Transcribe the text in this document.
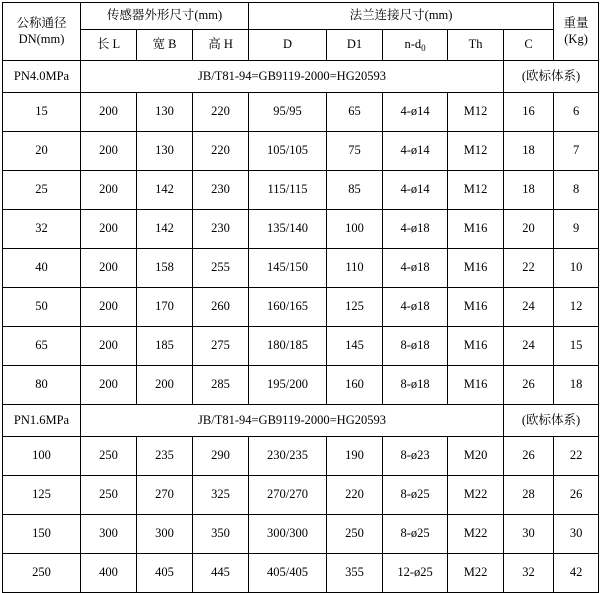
公称通径
DN(mm)	传感器外形尺寸(mm)			法兰连接尺寸(mm)					重量
(Kg)

	长 L	宽 B	高 H	D	D1	$n-d_0$	Th	C	
PN4.0MPa	JB/T81-94=GB9119-2000=HG20593							(欧标体系)	
15	200	130	220	95/95	65	4-ø14	M12	16	6
20	200	130	220	105/105	75	4-ø14	M12	18	7
25	200	142	230	115/115	85	4-ø14	M12	18	8
32	200	142	230	135/140	100	4-ø18	M16	20	9
40	200	158	255	145/150	110	4-ø18	M16	22	10
50	200	170	260	160/165	125	4-ø18	M16	24	12
65	200	185	275	180/185	145	8-ø18	M16	24	15
80	200	200	285	195/200	160	8-ø18	M16	26	18
PN1.6MPa	JB/T81-94=GB9119-2000=HG20593							(欧标体系)	
100	250	235	290	230/235	190	8-ø23	M20	26	22
125	250	270	325	270/270	220	8-ø25	M22	28	26
150	300	300	350	300/300	250	8-ø25	M22	30	30
250	400	405	445	405/405	355	12-ø25	M22	32	42
